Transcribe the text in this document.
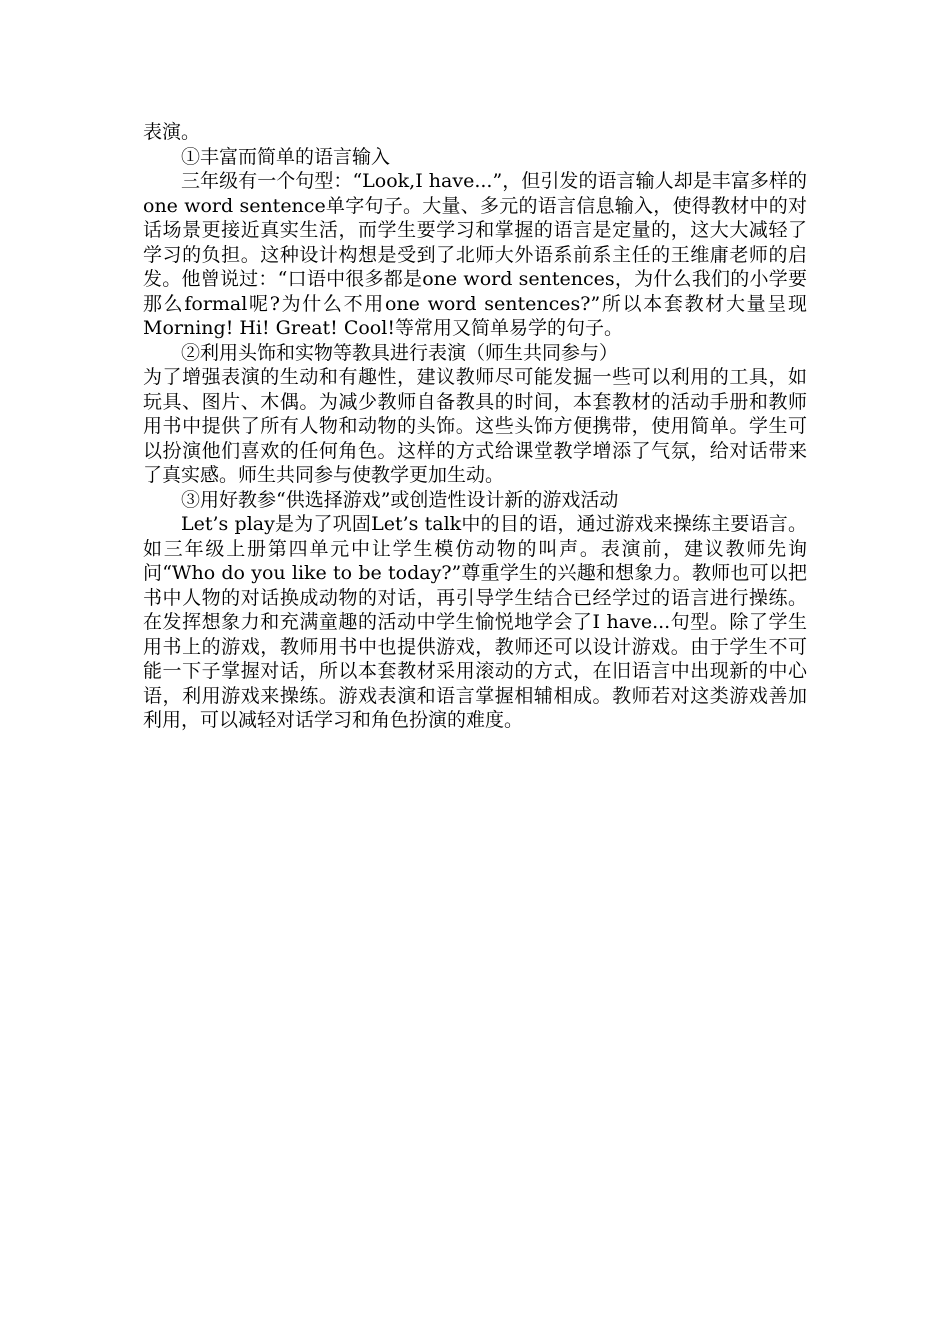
表演。

①丰富而简单的语言输入

三年级有一个句型：“Look,I have...”，但引发的语言输人却是丰富多样的one word sentence单字句子。大量、多元的语言信息输入，使得教材中的对话场景更接近真实生活，而学生要学习和掌握的语言是定量的，这大大减轻了学习的负担。这种设计构想是受到了北师大外语系前系主任的王维庸老师的启发。他曾说过：“口语中很多都是one word sentences，为什么我们的小学要那么formal呢?为什么不用one word sentences?”所以本套教材大量呈现Morning! Hi! Great! Cool!等常用又简单易学的句子。

②利用头饰和实物等教具进行表演（师生共同参与）

为了增强表演的生动和有趣性，建议教师尽可能发掘一些可以利用的工具，如玩具、图片、木偶。为减少教师自备教具的时间，本套教材的活动手册和教师用书中提供了所有人物和动物的头饰。这些头饰方便携带，使用简单。学生可以扮演他们喜欢的任何角色。这样的方式给课堂教学增添了气氛，给对话带来了真实感。师生共同参与使教学更加生动。

③用好教参“供选择游戏”或创造性设计新的游戏活动

Let’s play是为了巩固Let’s talk中的目的语，通过游戏来操练主要语言。如三年级上册第四单元中让学生模仿动物的叫声。表演前，建议教师先询问“Who do you like to be today?”尊重学生的兴趣和想象力。教师也可以把书中人物的对话换成动物的对话，再引导学生结合已经学过的语言进行操练。在发挥想象力和充满童趣的活动中学生愉悦地学会了I have...句型。除了学生用书上的游戏，教师用书中也提供游戏，教师还可以设计游戏。由于学生不可能一下子掌握对话，所以本套教材采用滚动的方式，在旧语言中出现新的中心语，利用游戏来操练。游戏表演和语言掌握相辅相成。教师若对这类游戏善加利用，可以减轻对话学习和角色扮演的难度。
